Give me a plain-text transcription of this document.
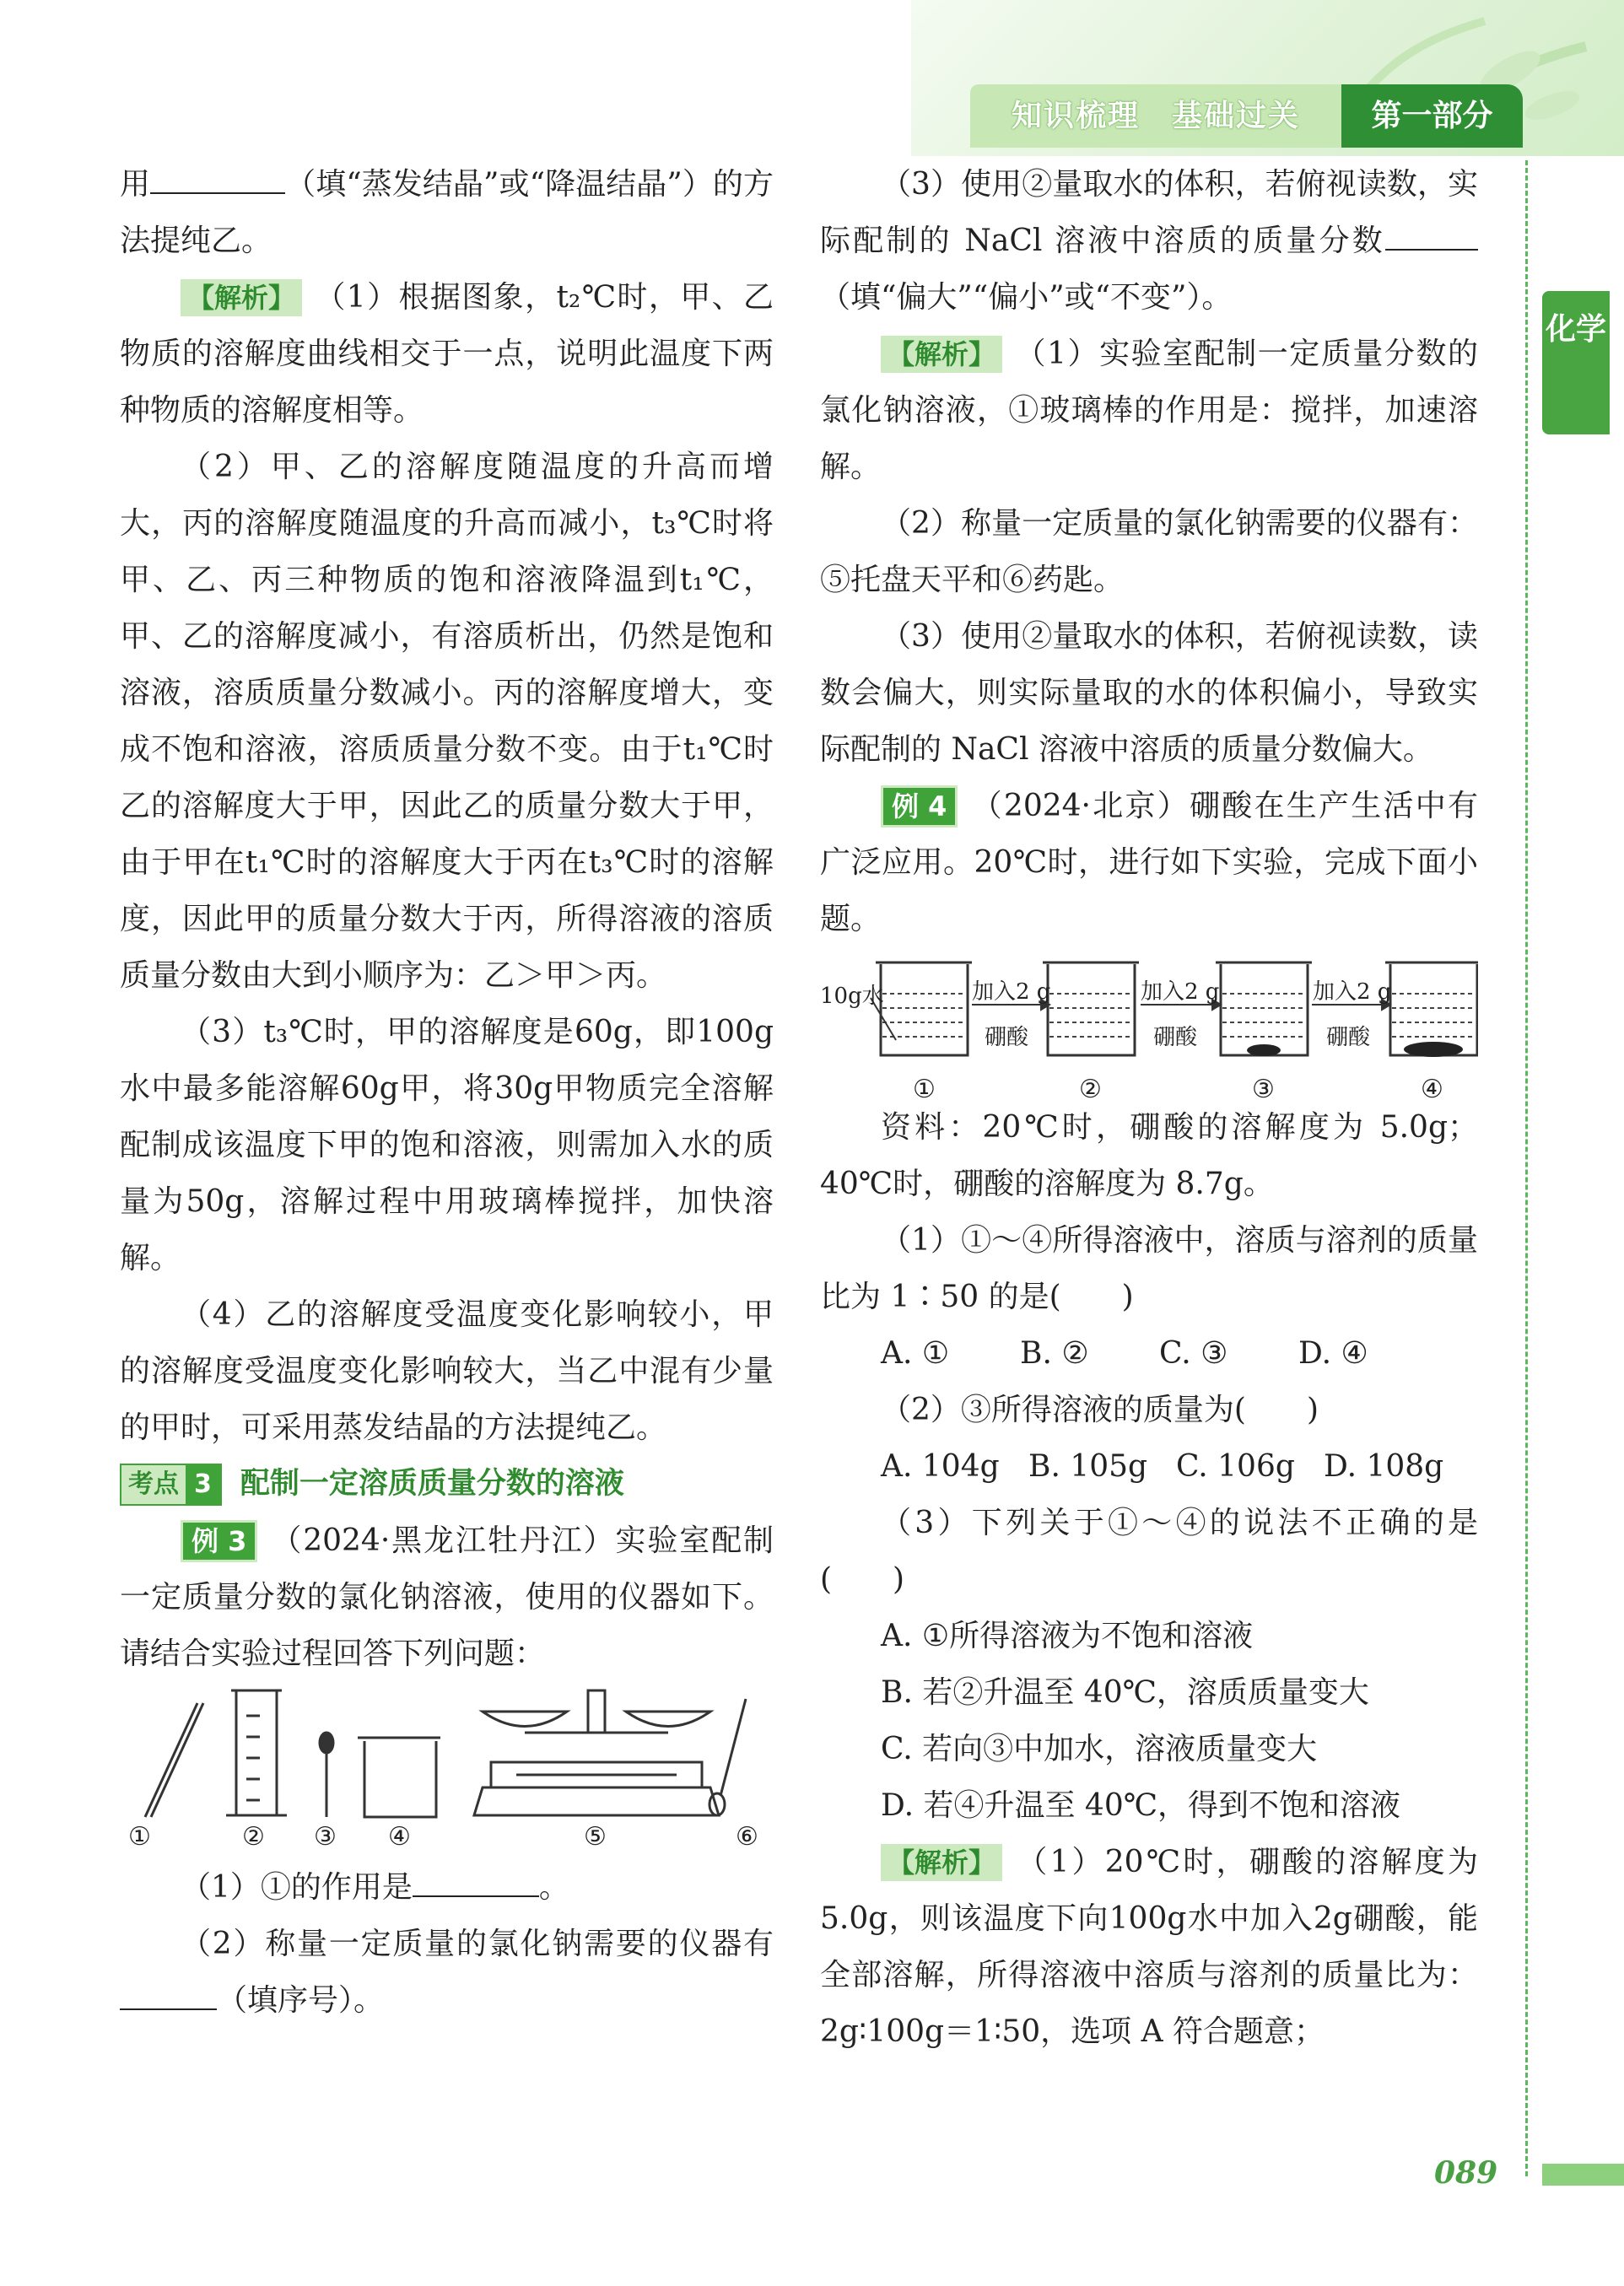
知识梳理　基础过关	第一部分
化学
089

用	（填“蒸发结晶”或“降温结晶”）的方法提纯乙。

【解析】 （1）根据图象，t₂℃时，甲、乙物质的溶解度曲线相交于一点，说明此温度下两种物质的溶解度相等。

（2）甲、乙的溶解度随温度的升高而增大，丙的溶解度随温度的升高而减小，t₃℃时将甲、乙、丙三种物质的饱和溶液降温到t₁℃，甲、乙的溶解度减小，有溶质析出，仍然是饱和溶液，溶质质量分数减小。丙的溶解度增大，变成不饱和溶液，溶质质量分数不变。由于t₁℃时乙的溶解度大于甲，因此乙的质量分数大于甲，由于甲在t₁℃时的溶解度大于丙在t₃℃时的溶解度，因此甲的质量分数大于丙，所得溶液的溶质质量分数由大到小顺序为：乙＞甲＞丙。

（3）t₃℃时，甲的溶解度是60g，即100g水中最多能溶解60g甲，将30g甲物质完全溶解配制成该温度下甲的饱和溶液，则需加入水的质量为50g，溶解过程中用玻璃棒搅拌，加快溶解。

（4）乙的溶解度受温度变化影响较小，甲的溶解度受温度变化影响较大，当乙中混有少量的甲时，可采用蒸发结晶的方法提纯乙。

考点 3 配制一定溶质质量分数的溶液

例 3 （2024·黑龙江牡丹江）实验室配制一定质量分数的氯化钠溶液，使用的仪器如下。请结合实验过程回答下列问题：

①	② ③ ④	⑤	⑥

（1）①的作用是	。

（2）称量一定质量的氯化钠需要的仪器有（填序号）。

（3）使用②量取水的体积，若俯视读数，实际配制的 NaCl 溶液中溶质的质量分数（填“偏大”“偏小”或“不变”）。

【解析】 （1）实验室配制一定质量分数的氯化钠溶液，①玻璃棒的作用是：搅拌，加速溶解。

（2）称量一定质量的氯化钠需要的仪器有：⑤托盘天平和⑥药匙。

（3）使用②量取水的体积，若俯视读数，读数会偏大，则实际量取的水的体积偏小，导致实际配制的 NaCl 溶液中溶质的质量分数偏大。

例 4 （2024·北京）硼酸在生产生活中有广泛应用。20℃时，进行如下实验，完成下面小题。

10g水	加入2 g
硼酸
加入2 g
硼酸
加入2 g
硼酸
①	②	③	④

资料：20℃时，硼酸的溶解度为 5.0g；40℃时，硼酸的溶解度为 8.7g。

（1）①～④所得溶液中，溶质与溶剂的质量比为 1∶50 的是(　　)

A. ①	B. ②	C. ③	D. ④

（2）③所得溶液的质量为(　　)

A. 104g B. 105g C. 106g D. 108g

（3）下列关于①～④的说法不正确的是(　　)

A. ①所得溶液为不饱和溶液

B. 若②升温至 40℃，溶质质量变大

C. 若向③中加水，溶液质量变大

D. 若④升温至 40℃，得到不饱和溶液

【解析】 （1）20℃时，硼酸的溶解度为5.0g，则该温度下向100g水中加入2g硼酸，能全部溶解，所得溶液中溶质与溶剂的质量比为：2g∶100g＝1∶50，选项 A 符合题意；
